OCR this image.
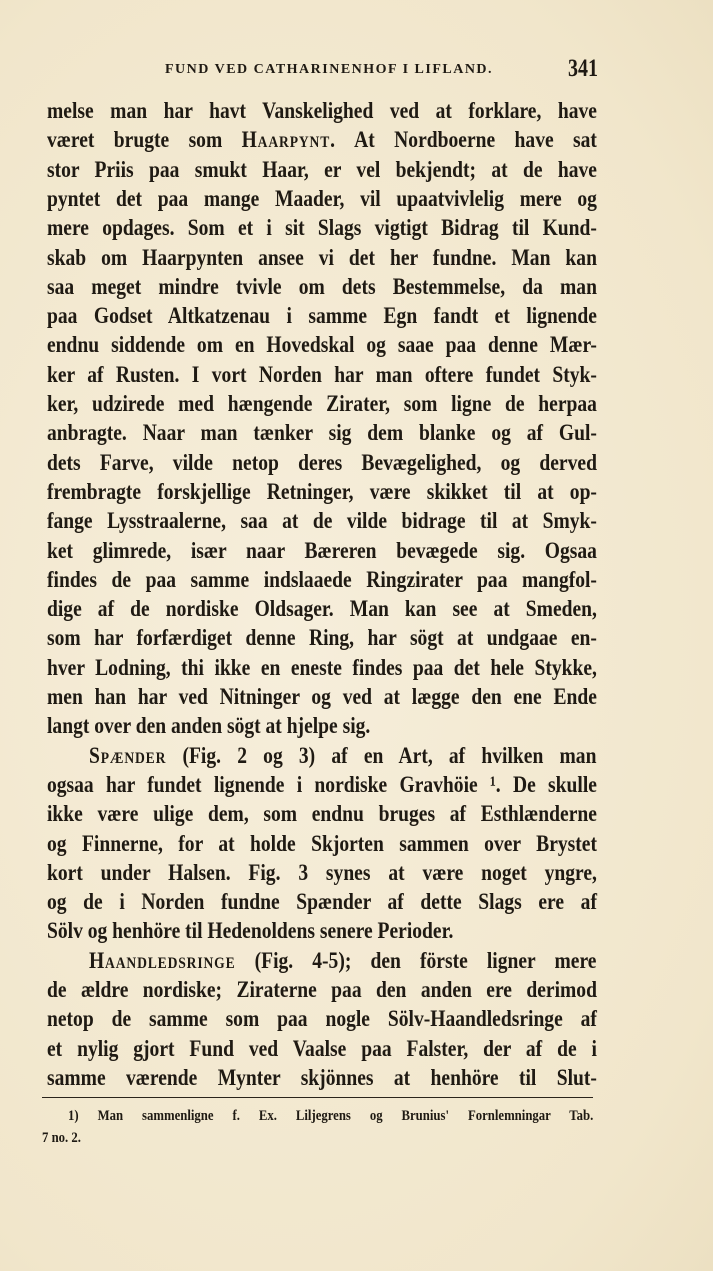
FUND VED CATHARINENHOF I LIFLAND.	341
melse man har havt Vanskelighed ved at forklare, have
været brugte som Haarpynt. At Nordboerne have sat
stor Priis paa smukt Haar, er vel bekjendt; at de have
pyntet det paa mange Maader, vil upaatvivlelig mere og
mere opdages. Som et i sit Slags vigtigt Bidrag til Kund-
skab om Haarpynten ansee vi det her fundne. Man kan
saa meget mindre tvivle om dets Bestemmelse, da man
paa Godset Altkatzenau i samme Egn fandt et lignende
endnu siddende om en Hovedskal og saae paa denne Mær-
ker af Rusten. I vort Norden har man oftere fundet Styk-
ker, udzirede med hængende Zirater, som ligne de herpaa
anbragte. Naar man tænker sig dem blanke og af Gul-
dets Farve, vilde netop deres Bevægelighed, og derved
frembragte forskjellige Retninger, være skikket til at op-
fange Lysstraalerne, saa at de vilde bidrage til at Smyk-
ket glimrede, især naar Bæreren bevægede sig. Ogsaa
findes de paa samme indslaaede Ringzirater paa mangfol-
dige af de nordiske Oldsager. Man kan see at Smeden,
som har forfærdiget denne Ring, har sögt at undgaae en-
hver Lodning, thi ikke en eneste findes paa det hele Stykke,
men han har ved Nitninger og ved at lægge den ene Ende
langt over den anden sögt at hjelpe sig.
Spænder (Fig. 2 og 3) af en Art, af hvilken man
ogsaa har fundet lignende i nordiske Gravhöie ¹. De skulle
ikke være ulige dem, som endnu bruges af Esthlænderne
og Finnerne, for at holde Skjorten sammen over Brystet
kort under Halsen. Fig. 3 synes at være noget yngre,
og de i Norden fundne Spænder af dette Slags ere af
Sölv og henhöre til Hedenoldens senere Perioder.
Haandledsringe (Fig. 4-5); den förste ligner mere
de ældre nordiske; Ziraterne paa den anden ere derimod
netop de samme som paa nogle Sölv-Haandledsringe af
et nylig gjort Fund ved Vaalse paa Falster, der af de i
samme værende Mynter skjönnes at henhöre til Slut-
1) Man sammenligne f. Ex. Liljegrens og Brunius' Fornlemningar Tab.
7 no. 2.
